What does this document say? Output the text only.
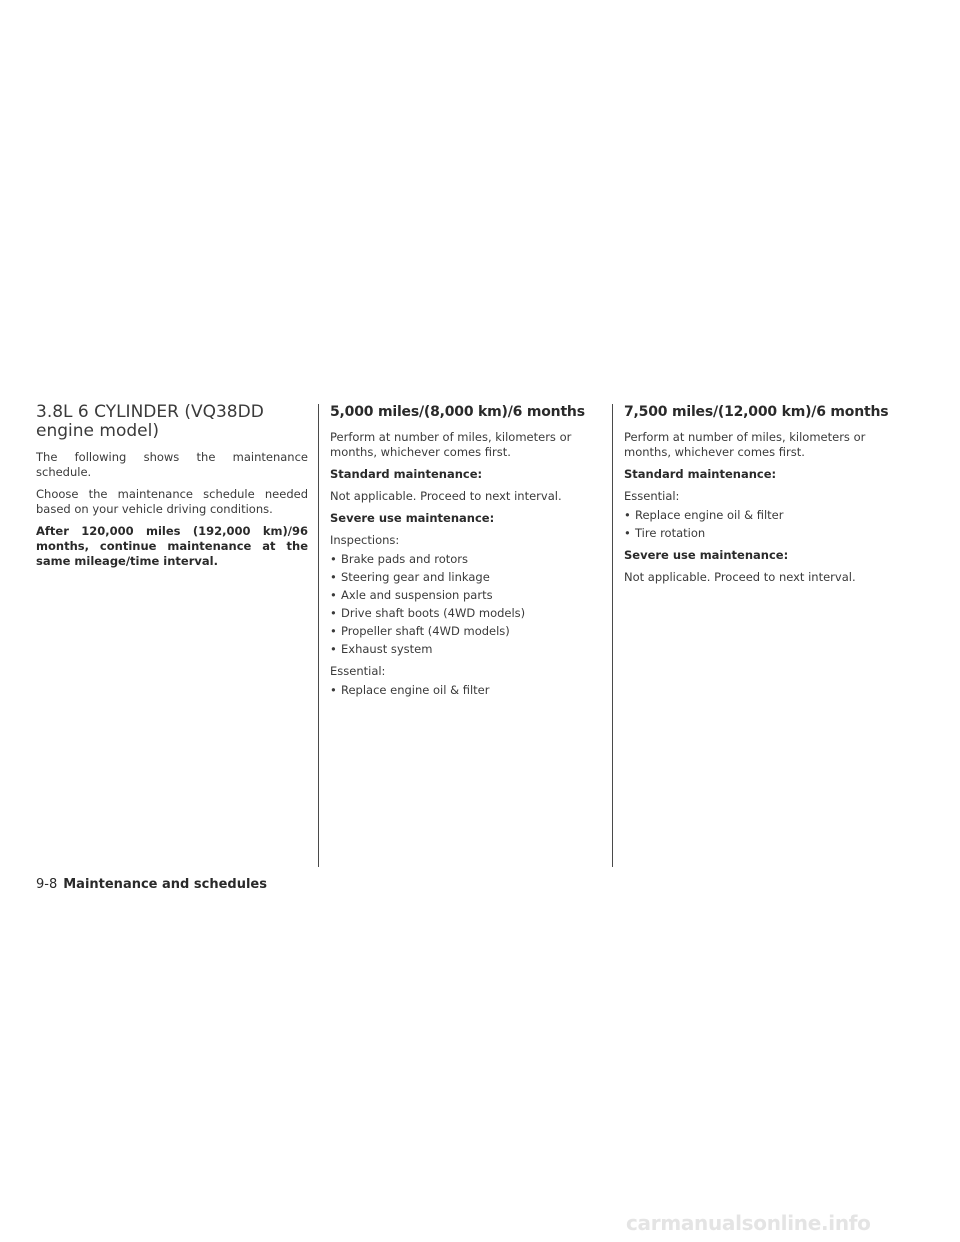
3.8L 6 CYLINDER (VQ38DD engine model)

The following shows the maintenance schedule.

Choose the maintenance schedule needed based on your vehicle driving conditions.

After 120,000 miles (192,000 km)/96 months, continue maintenance at the same mileage/time interval.

5,000 miles/(8,000 km)/6 months

Perform at number of miles, kilometers or months, whichever comes first.

Standard maintenance:

Not applicable. Proceed to next interval.

Severe use maintenance:

Inspections:

• Brake pads and rotors
• Steering gear and linkage
• Axle and suspension parts
• Drive shaft boots (4WD models)
• Propeller shaft (4WD models)
• Exhaust system

Essential:

• Replace engine oil & filter
7,500 miles/(12,000 km)/6 months

Perform at number of miles, kilometers or months, whichever comes first.

Standard maintenance:

Essential:

• Replace engine oil & filter
• Tire rotation

Severe use maintenance:

Not applicable. Proceed to next interval.

9-8 Maintenance and schedules
carmanualsonline.info
